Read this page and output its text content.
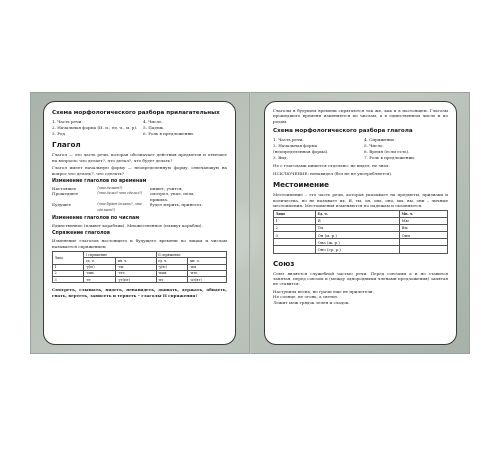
Схема морфологического разбора прилагательных
1. Часть речи.
2. Начальная форма (И. п., ед. ч., м. р).
3. Род.
4. Число.
5. Падеж.
6. Роль в предложении.
Глагол

Глагол — это часть речи, которая обозначает действия предметов и отвечает на вопросы: что делает?, что делал?, что будет делать?

Глагол имеет начальную форму — неопределенную форму, отвечающую на вопрос что делать?, что сделать?

Изменение глаголов по временам
Настоящее	(что делает?)	пишет, учится,
Прошедшее	(что делал? что сделал?)	смотрел, упал, пела,
пришла.
Будущее	(что будет делать?, что сделает?)
будет мерить, принесет.
Изменение глаголов по числам

Единственное (плывет кораблик). Множественное (плывут корабли).

Спряжение глаголов

Изменение глаголов настоящего и будущего времени по лицам и числам называется спряжением

Лицо	I спряжение		II спряжение	
	ед. ч.	мн. ч.	ед. ч.	мн. ч.
1	-у(ю)	-ем	-у(ю)	-им
2	-ешь	-ете	-ишь	-ите
3	-ет	-ут(ют)	-ит	-ат(ят)

Смотреть, слышать, видеть, ненавидеть, дышать, держать, обидеть, гнать, вертеть, зависеть и терпеть – глаголы II спряжения!

Глаголы в будущем времени спрягаются так же, как и в настоящем. Глаголы прошедшего времени изменяются по числам, а в единственном числе и по родам.

Схема морфологического разбора глагола
1. Часть речи.
2. Начальная форма
(неопределенная форма).
3. Вид.
4. Спряжение.
5. Число.
6. Время (если есть).
7. Роль в предложении.

Не с глаголами пишется отдельно: не видел, не знал.

ИСКЛЮЧЕНИЕ: ненавидел (без не не употребляется).

Местоимение

Местоимение – это часть речи, которая указывает на предметы, признаки и количества, но не называет их. Я, ты, он, она, оно, мы, вы, они – личные местоимения. Местоимения изменяются по падежам и склоняются.

Лицо	Ед. ч.	Мн. ч.
1	Я	Мы
2	Ты	Вы
3	Он (м. р.)	Они
	Она (ж. р.)	
	Оно (ср. р.)	
Союз

Союз является служебной частью речи. Перед союзами а и но ставится запятая, перед союзом и (между однородными членами предложения) запятая не ставится.

Наступила весна, но грачи еще не прилетели.

Не солнце, не огонь, а светит.

Лежит меж грядок зелен и сладок.
